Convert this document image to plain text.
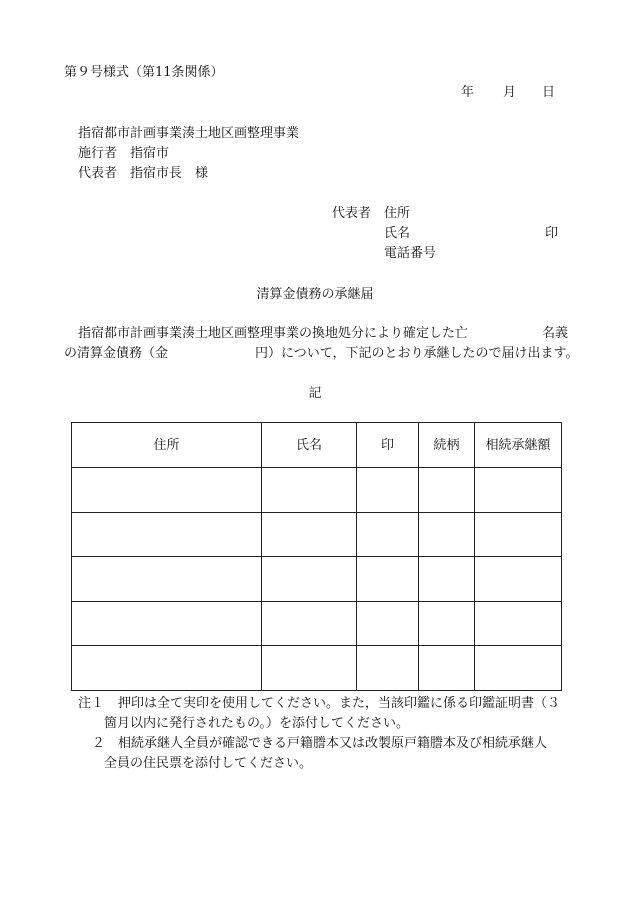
第９号様式（第11条関係）
年 月 日
指宿都市計画事業湊土地区画整理事業
施行者　指宿市
代表者　指宿市長　様
代表者 住所
氏名	印
電話番号
清算金債務の承継届
指宿都市計画事業湊土地区画整理事業の換地処分により確定した亡	名義
の清算金債務（金	円）について，下記のとおり承継したので届け出ます。
記
住所	氏名	印	続柄	相続承継額

注１ 押印は全て実印を使用してください。また，当該印鑑に係る印鑑証明書（３
箇月以内に発行されたもの。）を添付してください。
２ 相続承継人全員が確認できる戸籍謄本又は改製原戸籍謄本及び相続承継人
全員の住民票を添付してください。
